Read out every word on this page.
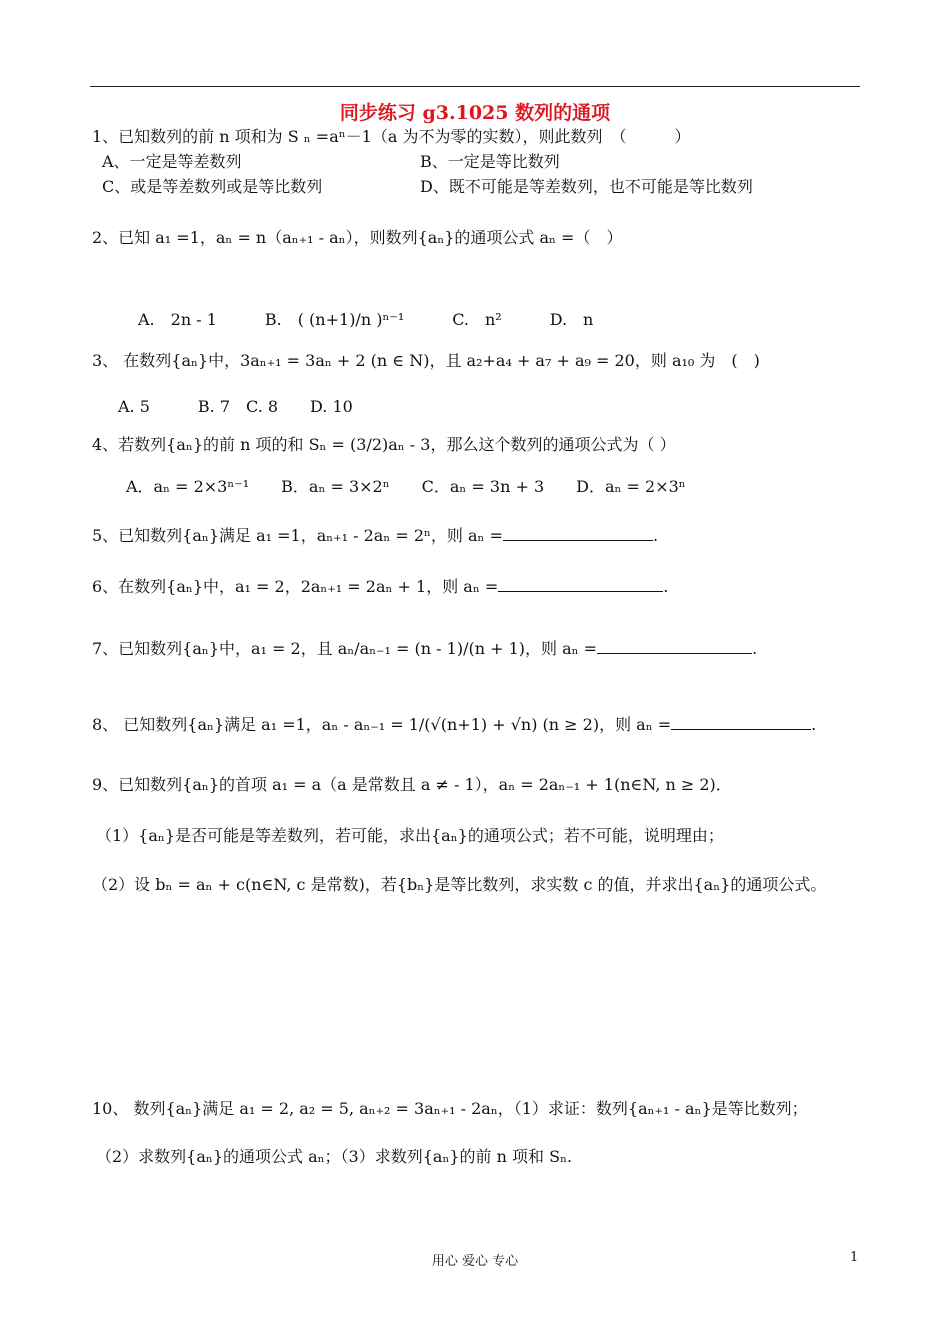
同步练习 g3.1025 数列的通项
1、已知数列的前 n 项和为 S ₙ =aⁿ－1（a 为不为零的实数），则此数列　（　　　）
A、一定是等差数列	B、一定是等比数列
C、或是等差数列或是等比数列	D、既不可能是等差数列，也不可能是等比数列
2、已知 a₁ =1，aₙ = n（aₙ₊₁ - aₙ），则数列{aₙ}的通项公式 aₙ =（　）
A.　2n - 1　　　B.　( (n+1)/n )ⁿ⁻¹　　　C.　n²　　　D.　n
3、 在数列{aₙ}中，3aₙ₊₁ = 3aₙ + 2 (n ∈ N)，且 a₂+a₄ + a₇ + a₉ = 20，则 a₁₀ 为　(　)
A. 5　　　B. 7　C. 8　　D. 10
4、若数列{aₙ}的前 n 项的和 Sₙ = (3/2)aₙ - 3，那么这个数列的通项公式为（ ）
A．aₙ = 2×3ⁿ⁻¹　　B．aₙ = 3×2ⁿ　　C．aₙ = 3n + 3　　D．aₙ = 2×3ⁿ
5、已知数列{aₙ}满足 a₁ =1，aₙ₊₁ - 2aₙ = 2ⁿ，则 aₙ =	.
6、在数列{aₙ}中，a₁ = 2，2aₙ₊₁ = 2aₙ + 1，则 aₙ =	.
7、已知数列{aₙ}中，a₁ = 2，且 aₙ/aₙ₋₁ = (n - 1)/(n + 1)，则 aₙ =	.
8、 已知数列{aₙ}满足 a₁ =1，aₙ - aₙ₋₁ = 1/(√(n+1) + √n) (n ≥ 2)，则 aₙ =	.
9、已知数列{aₙ}的首项 a₁ = a（a 是常数且 a ≠ - 1），aₙ = 2aₙ₋₁ + 1(n∈N, n ≥ 2)．
（1）{aₙ}是否可能是等差数列，若可能，求出{aₙ}的通项公式；若不可能，说明理由；
（2）设 bₙ = aₙ + c(n∈N, c 是常数)，若{bₙ}是等比数列，求实数 c 的值，并求出{aₙ}的通项公式。
10、 数列{aₙ}满足 a₁ = 2, a₂ = 5, aₙ₊₂ = 3aₙ₊₁ - 2aₙ，（1）求证：数列{aₙ₊₁ - aₙ}是等比数列；
（2）求数列{aₙ}的通项公式 aₙ；（3）求数列{aₙ}的前 n 项和 Sₙ.
用心 爱心 专心	1
